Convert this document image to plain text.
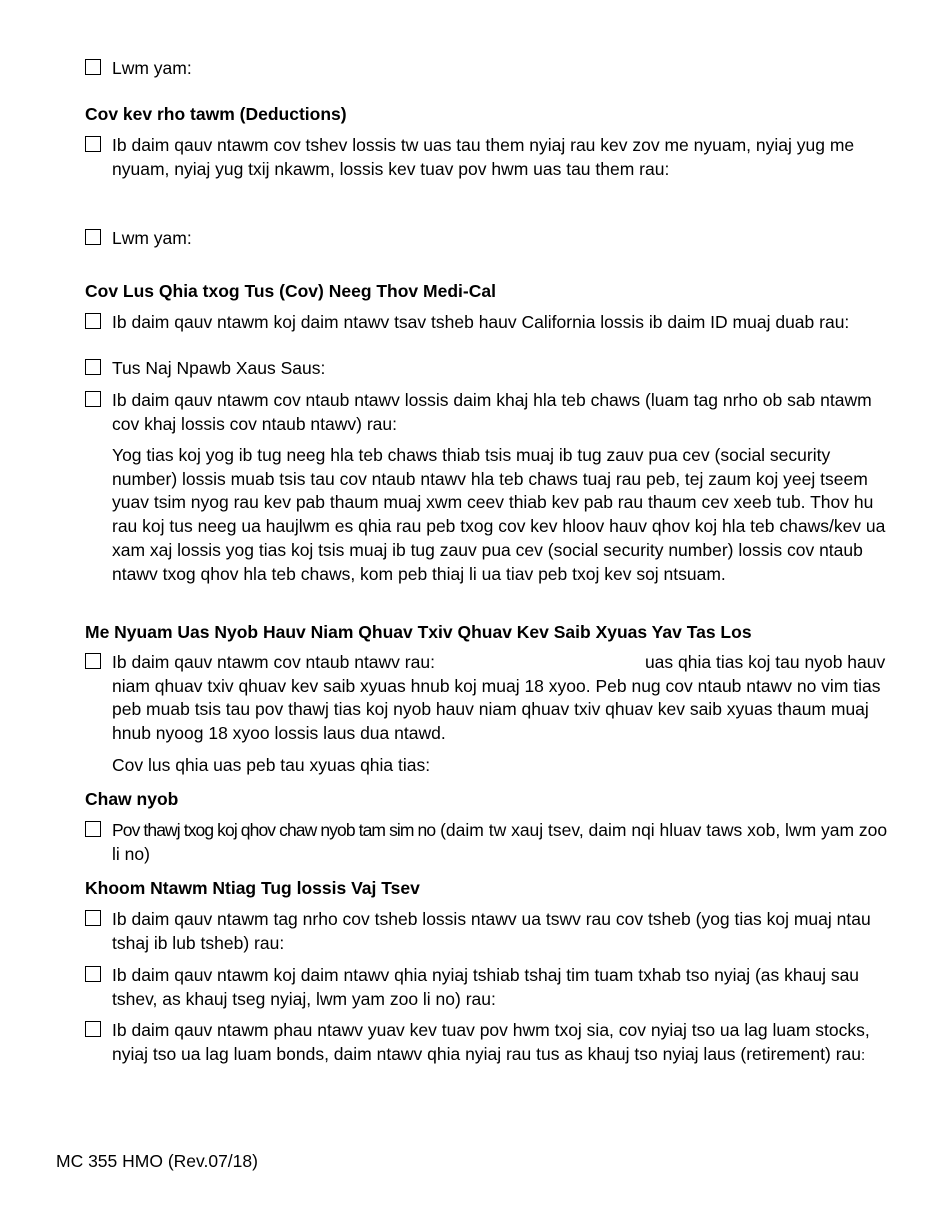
Lwm yam:
Cov kev rho tawm (Deductions)
Ib daim qauv ntawm cov tshev lossis tw uas tau them nyiaj rau kev zov me nyuam, nyiaj yug me nyuam, nyiaj yug txij nkawm, lossis kev tuav pov hwm uas tau them rau:
Lwm yam:
Cov Lus Qhia txog Tus (Cov) Neeg Thov Medi-Cal
Ib daim qauv ntawm koj daim ntawv tsav tsheb hauv California lossis ib daim ID muaj duab rau:
Tus Naj Npawb Xaus Saus:
Ib daim qauv ntawm cov ntaub ntawv lossis daim khaj hla teb chaws (luam tag nrho ob sab ntawm cov khaj lossis cov ntaub ntawv) rau:
Yog tias koj yog ib tug neeg hla teb chaws thiab tsis muaj ib tug zauv pua cev (social security number) lossis muab tsis tau cov ntaub ntawv hla teb chaws tuaj rau peb, tej zaum koj yeej tseem yuav tsim nyog rau kev pab thaum muaj xwm ceev thiab kev pab rau thaum cev xeeb tub. Thov hu rau koj tus neeg ua haujlwm es qhia rau peb txog cov kev hloov hauv qhov koj hla teb chaws/kev ua xam xaj lossis yog tias koj tsis muaj ib tug zauv pua cev (social security number) lossis cov ntaub ntawv txog qhov hla teb chaws, kom peb thiaj li ua tiav peb txoj kev soj ntsuam.
Me Nyuam Uas Nyob Hauv Niam Qhuav Txiv Qhuav Kev Saib Xyuas Yav Tas Los
Ib daim qauv ntawm cov ntaub ntawv rau:	uas qhia tias koj tau nyob hauv niam qhuav txiv qhuav kev saib xyuas hnub koj muaj 18 xyoo. Peb nug cov ntaub ntawv no vim tias peb muab tsis tau pov thawj tias koj nyob hauv niam qhuav txiv qhuav kev saib xyuas thaum muaj hnub nyoog 18 xyoo lossis laus dua ntawd.
Cov lus qhia uas peb tau xyuas qhia tias:
Chaw nyob
Pov thawj txog koj qhov chaw nyob tam sim no (daim tw xauj tsev, daim nqi hluav taws xob, lwm yam zoo li no)
Khoom Ntawm Ntiag Tug lossis Vaj Tsev
Ib daim qauv ntawm tag nrho cov tsheb lossis ntawv ua tswv rau cov tsheb (yog tias koj muaj ntau tshaj ib lub tsheb) rau:
Ib daim qauv ntawm koj daim ntawv qhia nyiaj tshiab tshaj tim tuam txhab tso nyiaj (as khauj sau tshev, as khauj tseg nyiaj, lwm yam zoo li no) rau:
Ib daim qauv ntawm phau ntawv yuav kev tuav pov hwm txoj sia, cov nyiaj tso ua lag luam stocks, nyiaj tso ua lag luam bonds, daim ntawv qhia nyiaj rau tus as khauj tso nyiaj laus (retirement) rau:
MC 355 HMO (Rev.07/18)
